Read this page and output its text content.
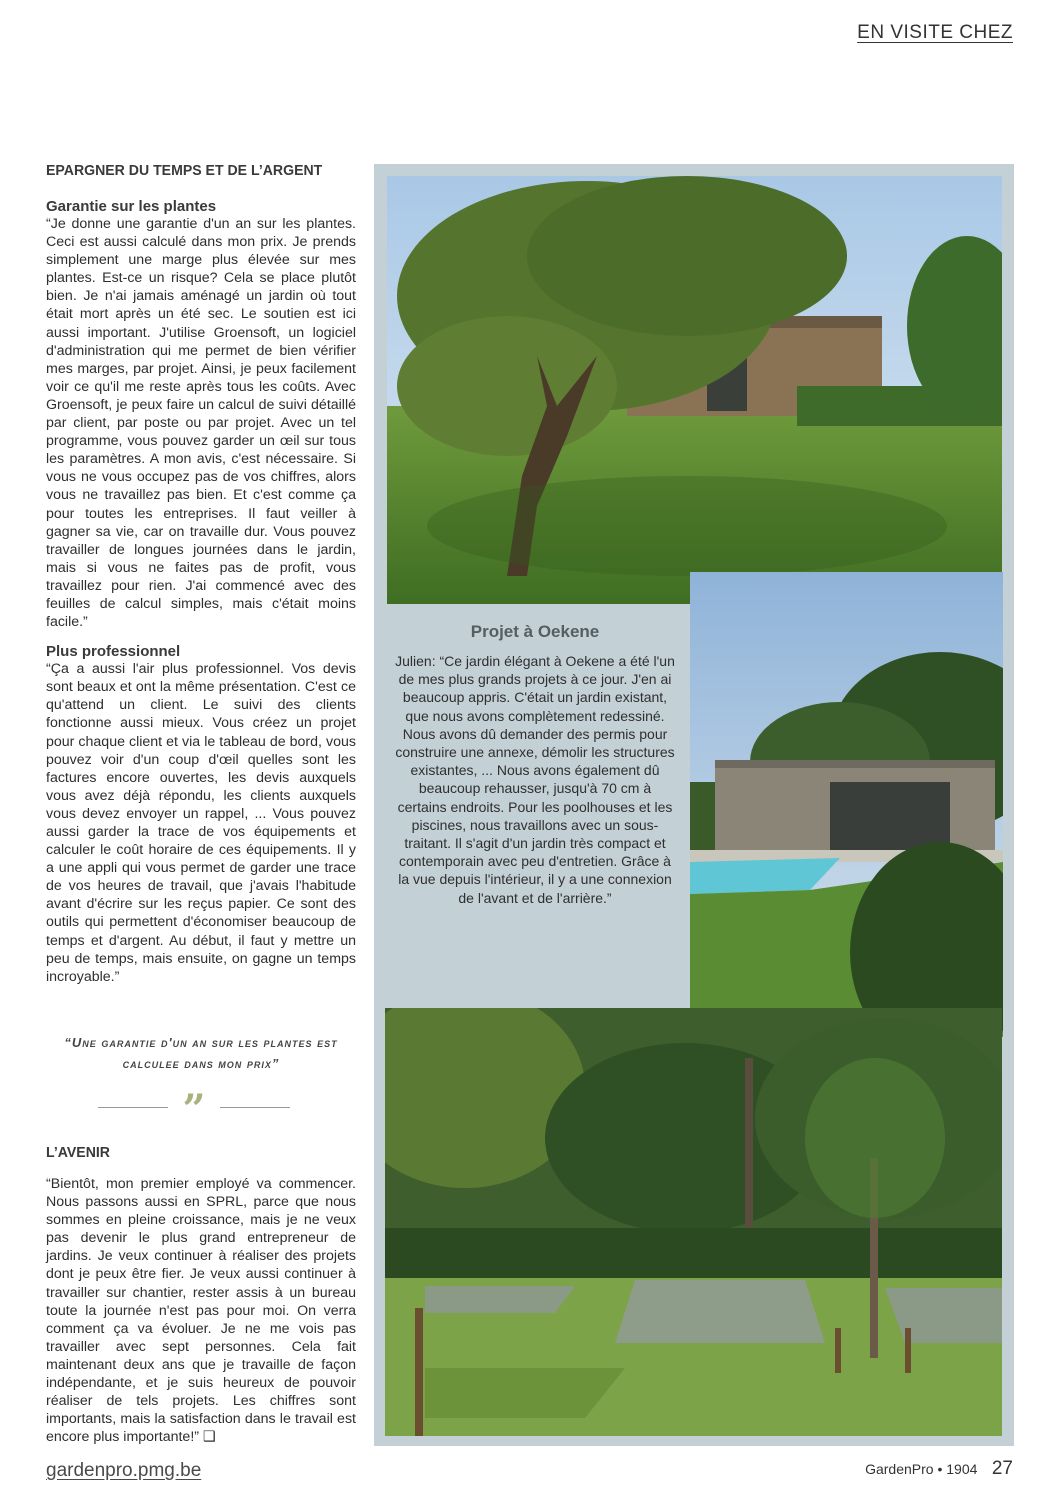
EN VISITE CHEZ
EPARGNER DU TEMPS ET DE L’ARGENT
Garantie sur les plantes

“Je donne une garantie d'un an sur les plantes. Ceci est aussi calculé dans mon prix. Je prends simplement une marge plus élevée sur mes plantes. Est-ce un risque? Cela se place plutôt bien. Je n'ai jamais aménagé un jardin où tout était mort après un été sec. Le soutien est ici aussi important. J'utilise Groensoft, un logiciel d'administration qui me permet de bien vérifier mes marges, par projet. Ainsi, je peux facilement voir ce qu'il me reste après tous les coûts. Avec Groensoft, je peux faire un calcul de suivi détaillé par client, par poste ou par projet. Avec un tel programme, vous pouvez garder un œil sur tous les paramètres. A mon avis, c'est nécessaire. Si vous ne vous occupez pas de vos chiffres, alors vous ne travaillez pas bien. Et c'est comme ça pour toutes les entreprises. Il faut veiller à gagner sa vie, car on travaille dur. Vous pouvez travailler de longues journées dans le jardin, mais si vous ne faites pas de profit, vous travaillez pour rien. J'ai commencé avec des feuilles de calcul simples, mais c'était moins facile.”

Plus professionnel

“Ça a aussi l'air plus professionnel. Vos devis sont beaux et ont la même présentation. C'est ce qu'attend un client. Le suivi des clients fonctionne aussi mieux. Vous créez un projet pour chaque client et via le tableau de bord, vous pouvez voir d'un coup d'œil quelles sont les factures encore ouvertes, les devis auxquels vous avez déjà répondu, les clients auxquels vous devez envoyer un rappel, ... Vous pouvez aussi garder la trace de vos équipements et calculer le coût horaire de ces équipements. Il y a une appli qui vous permet de garder une trace de vos heures de travail, que j'avais l'habitude avant d'écrire sur les reçus papier. Ce sont des outils qui permettent d'économiser beaucoup de temps et d'argent. Au début, il faut y mettre un peu de temps, mais ensuite, on gagne un temps incroyable.”

“Une garantie d'un an sur les plantes est calculee dans mon prix”
”
L’AVENIR

“Bientôt, mon premier employé va commencer. Nous passons aussi en SPRL, parce que nous sommes en pleine croissance, mais je ne veux pas devenir le plus grand entrepreneur de jardins. Je veux continuer à réaliser des projets dont je peux être fier. Je veux aussi continuer à travailler sur chantier, rester assis à un bureau toute la journée n'est pas pour moi. On verra comment ça va évoluer. Je ne me vois pas travailler avec sept personnes. Cela fait maintenant deux ans que je travaille de façon indépendante, et je suis heureux de pouvoir réaliser de tels projets. Les chiffres sont importants, mais la satisfaction dans le travail est encore plus importante!” ❑

Projet à Oekene

Julien: “Ce jardin élégant à Oekene a été l'un de mes plus grands projets à ce jour. J'en ai beaucoup appris. C'était un jardin existant, que nous avons complètement redessiné. Nous avons dû demander des permis pour construire une annexe, démolir les structures existantes, ... Nous avons également dû beaucoup rehausser, jusqu'à 70 cm à certains endroits. Pour les poolhouses et les piscines, nous travaillons avec un sous-traitant. Il s'agit d'un jardin très compact et contemporain avec peu d'entretien. Grâce à la vue depuis l'intérieur, il y a une connexion de l'avant et de l'arrière.”

gardenpro.pmg.be	GardenPro • 1904 27
